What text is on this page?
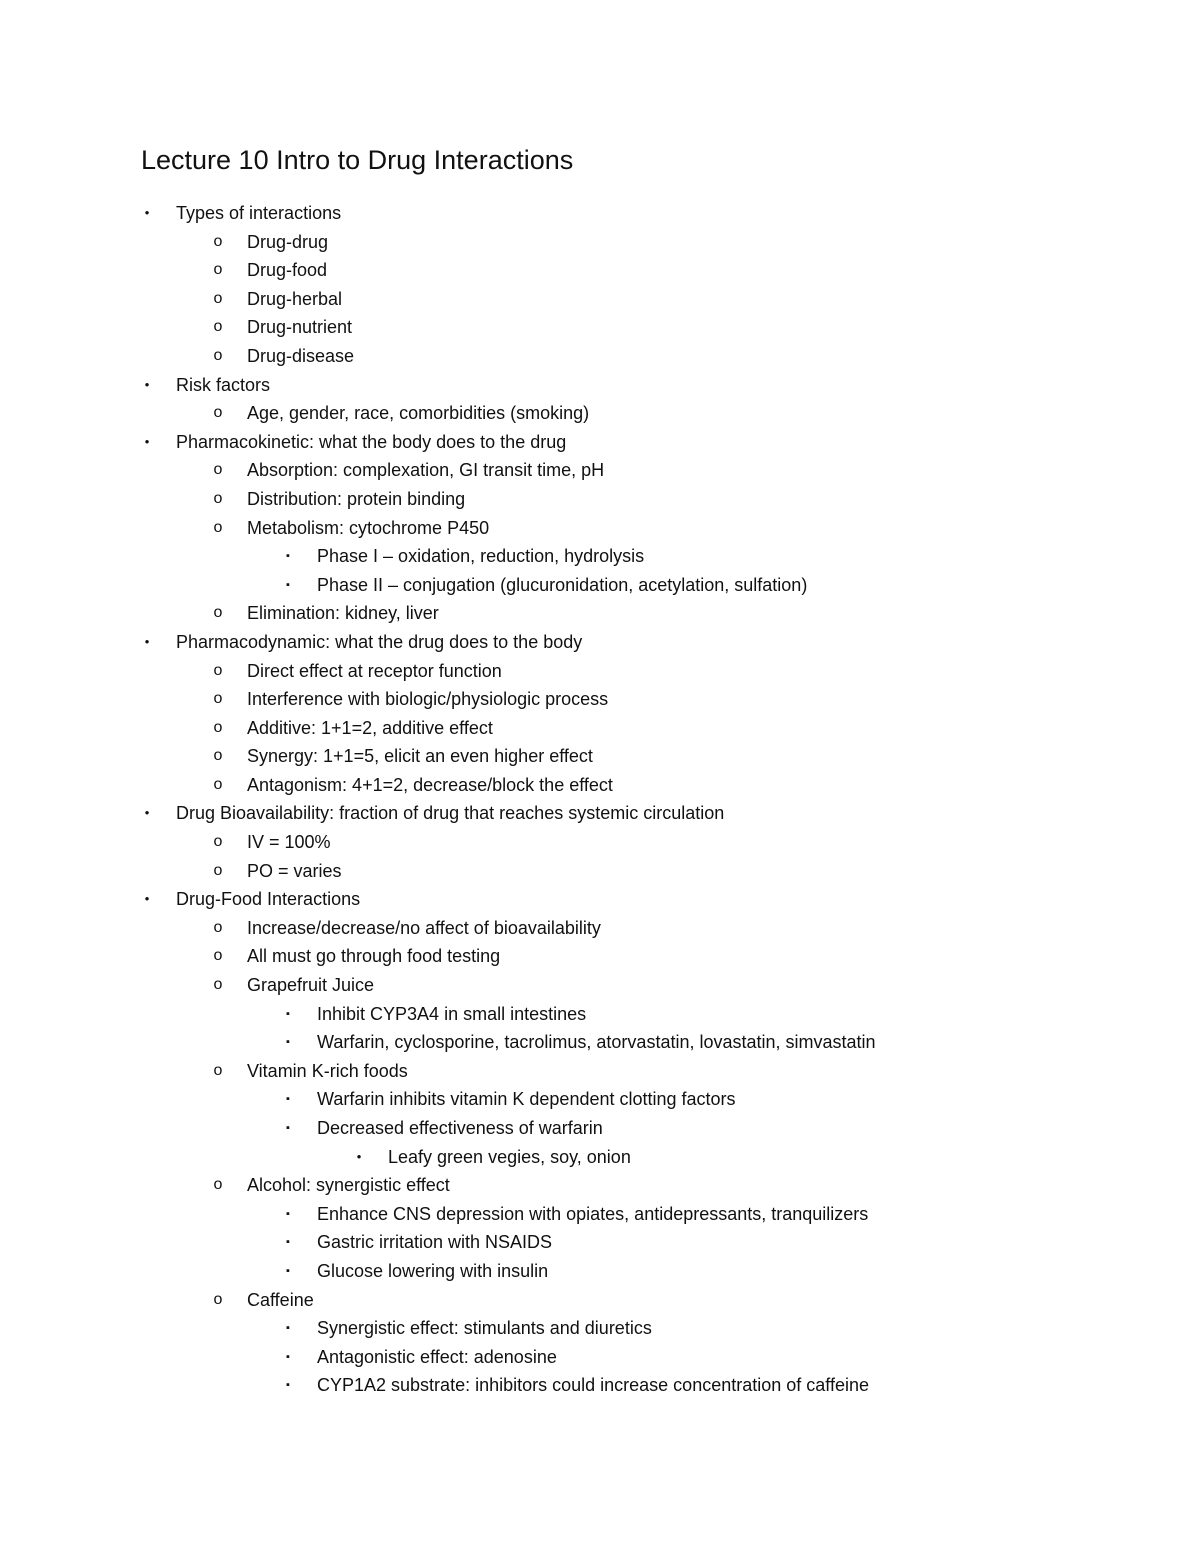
Lecture 10 Intro to Drug Interactions
•	Types of interactions
o	Drug-drug
o	Drug-food
o	Drug-herbal
o	Drug-nutrient
o	Drug-disease
•	Risk factors
o	Age, gender, race, comorbidities (smoking)
•	Pharmacokinetic: what the body does to the drug
o	Absorption: complexation, GI transit time, pH
o	Distribution: protein binding
o	Metabolism: cytochrome P450
▪	Phase I – oxidation, reduction, hydrolysis
▪	Phase II – conjugation (glucuronidation, acetylation, sulfation)
o	Elimination: kidney, liver
•	Pharmacodynamic: what the drug does to the body
o	Direct effect at receptor function
o	Interference with biologic/physiologic process
o	Additive: 1+1=2, additive effect
o	Synergy: 1+1=5, elicit an even higher effect
o	Antagonism: 4+1=2, decrease/block the effect
•	Drug Bioavailability: fraction of drug that reaches systemic circulation
o	IV = 100%
o	PO = varies
•	Drug-Food Interactions
o	Increase/decrease/no affect of bioavailability
o	All must go through food testing
o	Grapefruit Juice
▪	Inhibit CYP3A4 in small intestines
▪	Warfarin, cyclosporine, tacrolimus, atorvastatin, lovastatin, simvastatin
o	Vitamin K-rich foods
▪	Warfarin inhibits vitamin K dependent clotting factors
▪	Decreased effectiveness of warfarin
•	Leafy green vegies, soy, onion
o	Alcohol: synergistic effect
▪	Enhance CNS depression with opiates, antidepressants, tranquilizers
▪	Gastric irritation with NSAIDS
▪	Glucose lowering with insulin
o	Caffeine
▪	Synergistic effect: stimulants and diuretics
▪	Antagonistic effect: adenosine
▪	CYP1A2 substrate: inhibitors could increase concentration of caffeine
